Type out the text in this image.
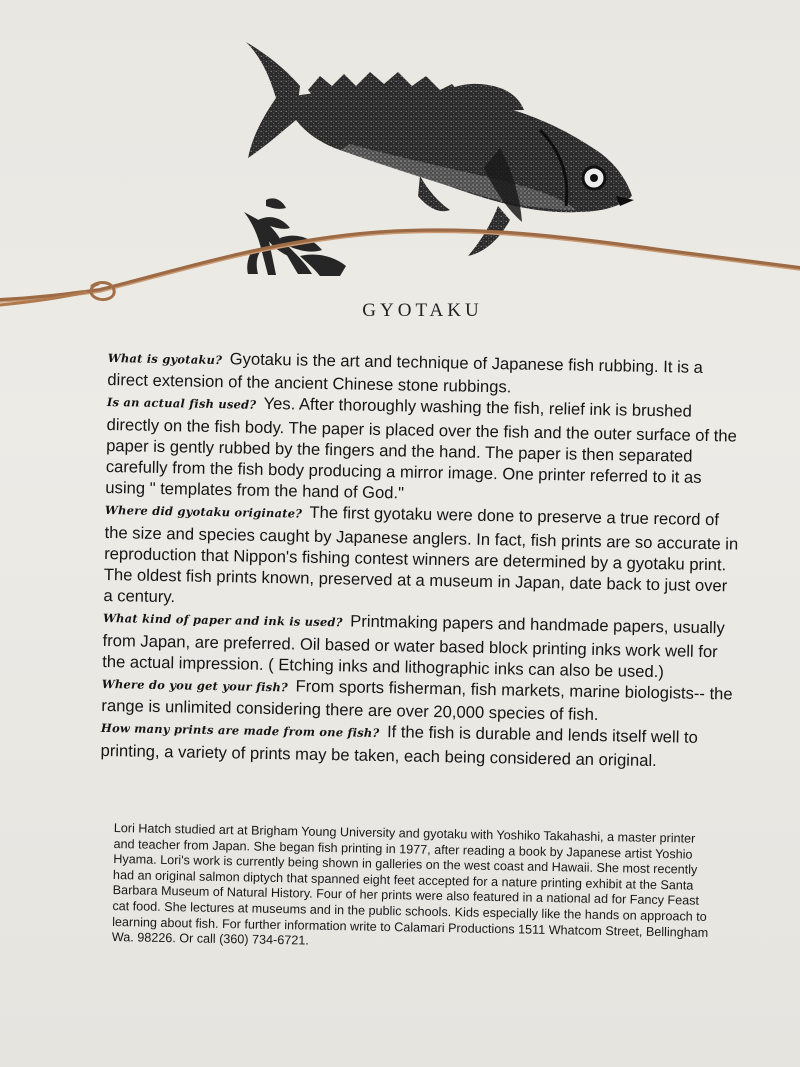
GYOTAKU

What is gyotaku? Gyotaku is the art and technique of Japanese fish rubbing. It is a direct extension of the ancient Chinese stone rubbings.

Is an actual fish used? Yes. After thoroughly washing the fish, relief ink is brushed directly on the fish body. The paper is placed over the fish and the outer surface of the paper is gently rubbed by the fingers and the hand. The paper is then separated carefully from the fish body producing a mirror image. One printer referred to it as using " templates from the hand of God."

Where did gyotaku originate? The first gyotaku were done to preserve a true record of the size and species caught by Japanese anglers. In fact, fish prints are so accurate in reproduction that Nippon's fishing contest winners are determined by a gyotaku print. The oldest fish prints known, preserved at a museum in Japan, date back to just over a century.

What kind of paper and ink is used? Printmaking papers and handmade papers, usually from Japan, are preferred. Oil based or water based block printing inks work well for the actual impression. ( Etching inks and lithographic inks can also be used.)

Where do you get your fish? From sports fisherman, fish markets, marine biologists-- the range is unlimited considering there are over 20,000 species of fish.

How many prints are made from one fish? If the fish is durable and lends itself well to printing, a variety of prints may be taken, each being considered an original.

Lori Hatch studied art at Brigham Young University and gyotaku with Yoshiko Takahashi, a master printer and teacher from Japan. She began fish printing in 1977, after reading a book by Japanese artist Yoshio Hyama. Lori's work is currently being shown in galleries on the west coast and Hawaii. She most recently had an original salmon diptych that spanned eight feet accepted for a nature printing exhibit at the Santa Barbara Museum of Natural History. Four of her prints were also featured in a national ad for Fancy Feast cat food. She lectures at museums and in the public schools. Kids especially like the hands on approach to learning about fish. For further information write to Calamari Productions 1511 Whatcom Street, Bellingham Wa. 98226. Or call (360) 734-6721.
